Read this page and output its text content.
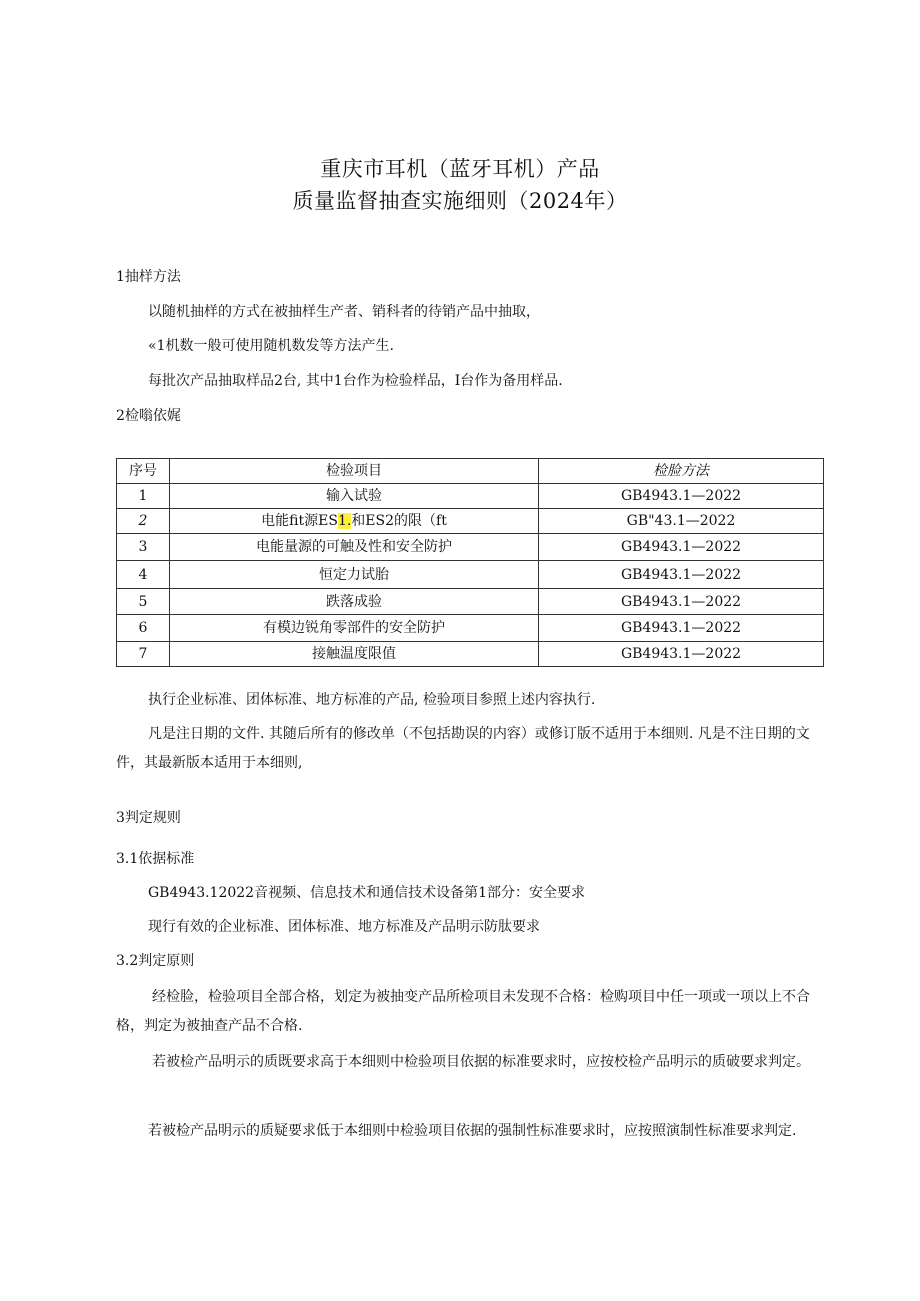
重庆市耳机（蓝牙耳机）产品
质量监督抽查实施细则（2024年）
1抽样方法
以随机抽样的方式在被抽样生产者、销科者的待销产品中抽取，
«1机数一般可使用随机数发等方法产生.
每批次产品抽取样品2台, 其中1台作为检验样品，I台作为备用样品.
2检嗡依娓
序号	检验项目	检脸方法
1	输入试验	GB4943.1—2022
2	电能fit源ES1.和ES2的限（ft	GB"43.1—2022
3	电能量源的可触及性和安全防护	GB4943.1—2022
4	恒定力试胎	GB4943.1—2022
5	跌落成验	GB4943.1—2022
6	有模边锐角零部件的安全防护	GB4943.1—2022
7	接触温度限值	GB4943.1—2022
执行企业标准、团体标准、地方标准的产品, 检验项目参照上述内容执行.
凡是注日期的文件. 其随后所有的修改单（不包括勘误的内容）或修订版不适用于本细则. 凡是不注日期的文件，其最新版本适用于本细则,
3判定规则
3.1依据标准
GB4943.12022音视频、信息技术和通信技术设备第1部分：安全要求
现行有效的企业标准、团体标准、地方标准及产品明示防肽要求
3.2判定原则
经检脸，检验项目全部合格，划定为被抽变产品所检项目未发现不合格：检购项目中任一项或一项以上不合格，判定为被抽查产品不合格.
若被检产品明示的质既要求高于本细则中检验项目依据的标准要求时，应按校检产品明示的质破要求判定。
若被检产品明示的质疑要求低于本细则中检验项目依据的强制性标准要求时，应按照演制性标准要求判定.
